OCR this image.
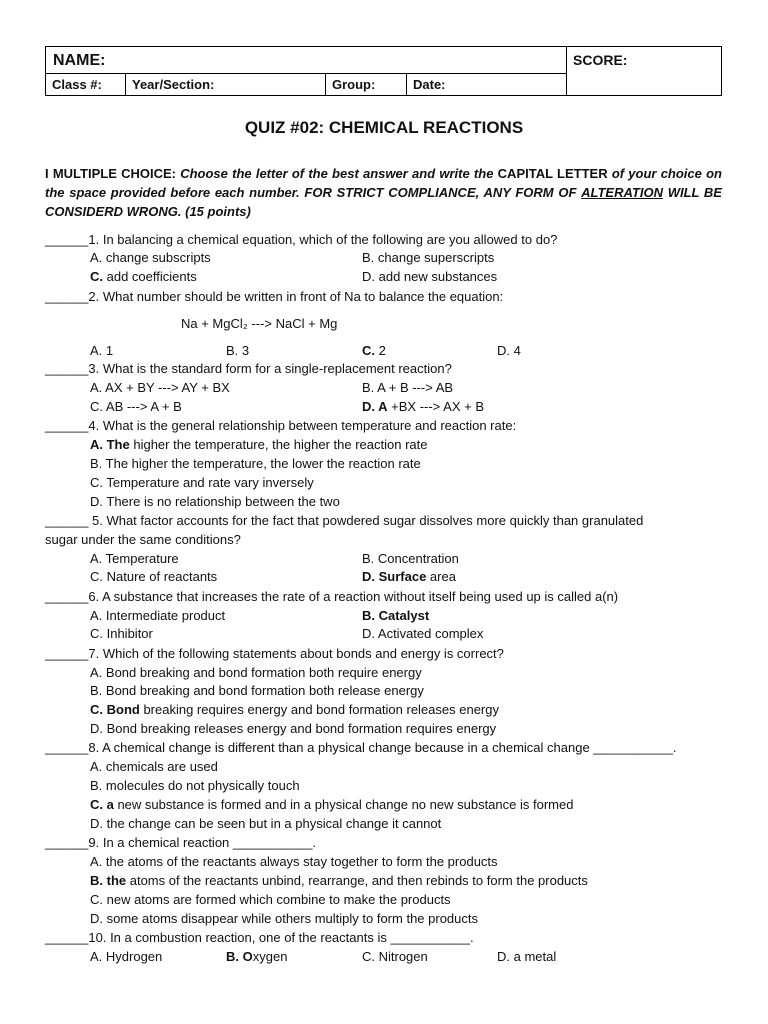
NAME:	SCORE:
Class #:	Year/Section:	Group:	Date:
QUIZ #02: CHEMICAL REACTIONS
I MULTIPLE CHOICE: Choose the letter of the best answer and write the CAPITAL LETTER of your choice on the space provided before each number. FOR STRICT COMPLIANCE, ANY FORM OF ALTERATION WILL BE CONSIDERD WRONG. (15 points)
______1. In balancing a chemical equation, which of the following are you allowed to do?
A. change subscripts	B. change superscripts
C. add coefficients	D. add new substances
______2. What number should be written in front of Na to balance the equation:
Na + MgCl₂ ---> NaCl + Mg
A. 1	B. 3	C. 2	D. 4
______3. What is the standard form for a single-replacement reaction?
A. AX + BY ---> AY + BX	B. A + B ---> AB
C. AB ---> A + B	D. A +BX ---> AX + B
______4. What is the general relationship between temperature and reaction rate:
A. The higher the temperature, the higher the reaction rate
B. The higher the temperature, the lower the reaction rate
C. Temperature and rate vary inversely
D. There is no relationship between the two
______ 5. What factor accounts for the fact that powdered sugar dissolves more quickly than granulated
sugar under the same conditions?
A. Temperature	B. Concentration
C. Nature of reactants	D. Surface area
______6. A substance that increases the rate of a reaction without itself being used up is called a(n)
A. Intermediate product	B. Catalyst
C. Inhibitor	D. Activated complex
______7. Which of the following statements about bonds and energy is correct?
A. Bond breaking and bond formation both require energy
B. Bond breaking and bond formation both release energy
C. Bond breaking requires energy and bond formation releases energy
D. Bond breaking releases energy and bond formation requires energy
______8. A chemical change is different than a physical change because in a chemical change ___________.
A. chemicals are used
B. molecules do not physically touch
C. a new substance is formed and in a physical change no new substance is formed
D. the change can be seen but in a physical change it cannot
______9. In a chemical reaction ___________.
A. the atoms of the reactants always stay together to form the products
B. the atoms of the reactants unbind, rearrange, and then rebinds to form the products
C. new atoms are formed which combine to make the products
D. some atoms disappear while others multiply to form the products
______10. In a combustion reaction, one of the reactants is ___________.
A. Hydrogen	B. Oxygen	C. Nitrogen	D. a metal
